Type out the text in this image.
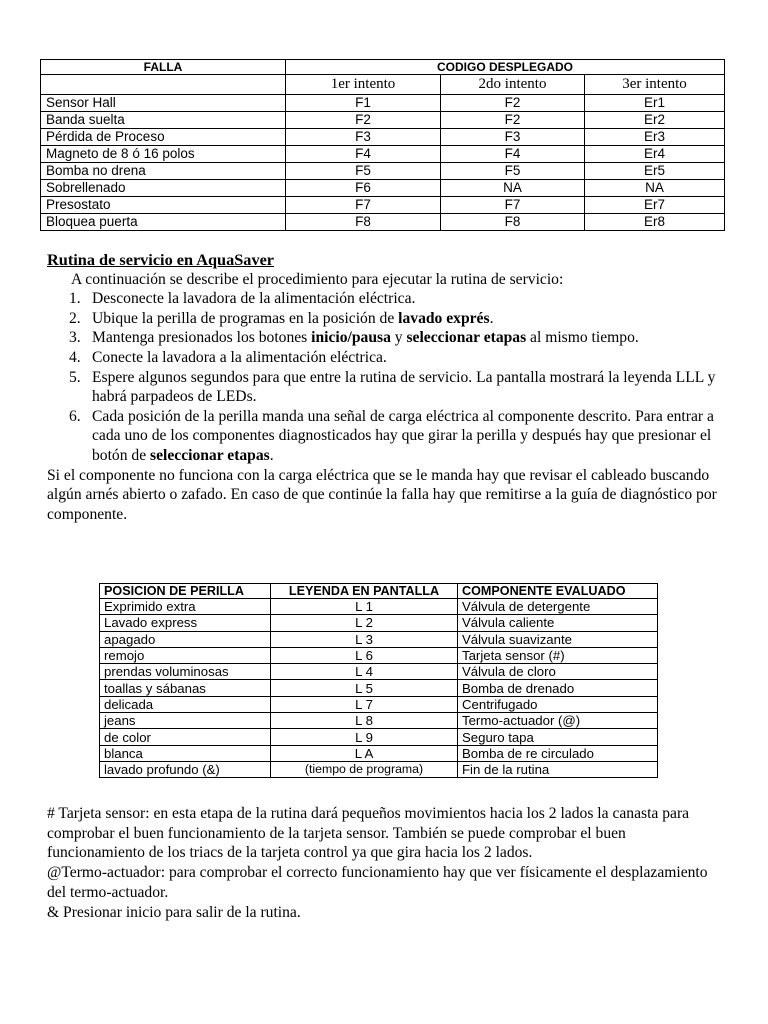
FALLA	CODIGO DESPLEGADO		
	1er intento	2do intento	3er intento
Sensor Hall	F1	F2	Er1
Banda suelta	F2	F2	Er2
Pérdida de Proceso	F3	F3	Er3
Magneto de 8 ó 16 polos	F4	F4	Er4
Bomba no drena	F5	F5	Er5
Sobrellenado	F6	NA	NA
Presostato	F7	F7	Er7
Bloquea puerta	F8	F8	Er8

Rutina de servicio en AquaSaver

A continuación se describe el procedimiento para ejecutar la rutina de servicio:

1. Desconecte la lavadora de la alimentación eléctrica.
2. Ubique la perilla de programas en la posición de lavado exprés.
3. Mantenga presionados los botones inicio/pausa y seleccionar etapas al mismo tiempo.
4. Conecte la lavadora a la alimentación eléctrica.
5. Espere algunos segundos para que entre la rutina de servicio. La pantalla mostrará la leyenda LLL y habrá parpadeos de LEDs.
6. Cada posición de la perilla manda una señal de carga eléctrica al componente descrito. Para entrar a cada uno de los componentes diagnosticados hay que girar la perilla y después hay que presionar el botón de seleccionar etapas.

Si el componente no funciona con la carga eléctrica que se le manda hay que revisar el cableado buscando algún arnés abierto o zafado. En caso de que continúe la falla hay que remitirse a la guía de diagnóstico por componente.

POSICION DE PERILLA	LEYENDA EN PANTALLA	COMPONENTE EVALUADO
Exprimido extra	L 1	Válvula de detergente
Lavado express	L 2	Válvula caliente
apagado	L 3	Válvula suavizante
remojo	L 6	Tarjeta sensor (#)
prendas voluminosas	L 4	Válvula de cloro
toallas y sábanas	L 5	Bomba de drenado
delicada	L 7	Centrifugado
jeans	L 8	Termo-actuador (@)
de color	L 9	Seguro tapa
blanca	L A	Bomba de re circulado
lavado profundo (&)	(tiempo de programa)	Fin de la rutina

# Tarjeta sensor: en esta etapa de la rutina dará pequeños movimientos hacia los 2 lados la canasta para comprobar el buen funcionamiento de la tarjeta sensor. También se puede comprobar el buen funcionamiento de los triacs de la tarjeta control ya que gira hacia los 2 lados.

@Termo-actuador: para comprobar el correcto funcionamiento hay que ver físicamente el desplazamiento del termo-actuador.

& Presionar inicio para salir de la rutina.
